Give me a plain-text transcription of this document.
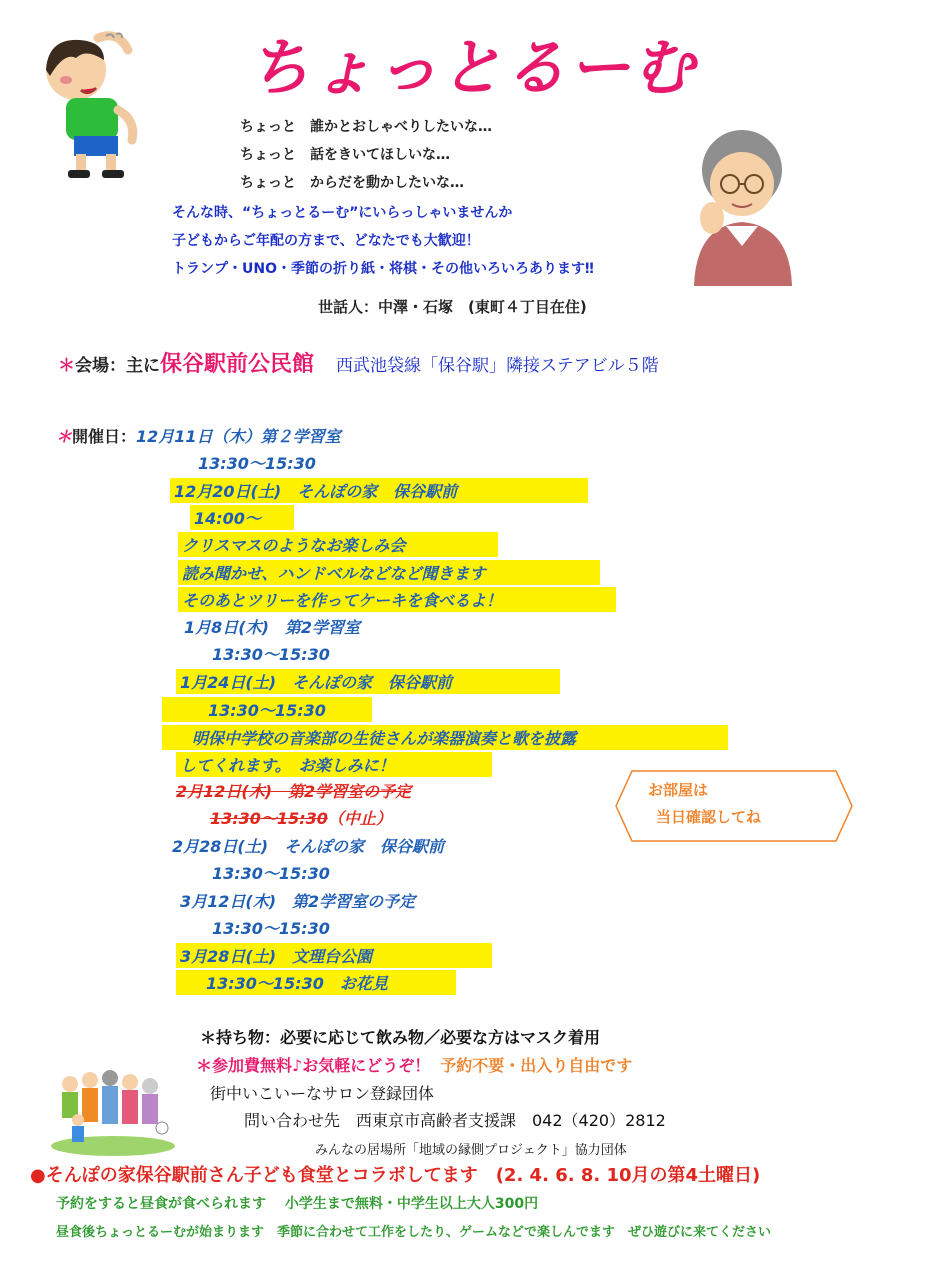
ちょっとるーむ
ちょっと　誰かとおしゃべりしたいな…
ちょっと　話をきいてほしいな…
ちょっと　からだを動かしたいな…
そんな時、“ちょっとるーむ”にいらっしゃいませんか
子どもからご年配の方まで、どなたでも大歓迎！
トランプ・UNO・季節の折り紙・将棋・その他いろいろあります‼
世話人：中澤・石塚　(東町４丁目在住)
＊会場：主に保谷駅前公民館 西武池袋線「保谷駅」隣接ステアビル５階
＊開催日：12月11日（木）第２学習室
13:30～15:30
12月20日(土)　そんぽの家　保谷駅前
14:00～
クリスマスのようなお楽しみ会
読み聞かせ、ハンドベルなどなど聞きます
そのあとツリーを作ってケーキを食べるよ！
1月8日(木)　第2学習室
13:30～15:30
1月24日(土)　そんぽの家　保谷駅前
13:30～15:30
明保中学校の音楽部の生徒さんが楽器演奏と歌を披露
してくれます。　お楽しみに！
2月12日(木)　第2学習室の予定
13:30～15:30（中止）
2月28日(土)　そんぽの家　保谷駅前
13:30～15:30
3月12日(木)　第2学習室の予定
13:30～15:30
3月28日(土)　文理台公園
13:30～15:30　お花見
お部屋は
当日確認してね
＊持ち物：必要に応じて飲み物／必要な方はマスク着用
＊参加費無料♪お気軽にどうぞ！ 予約不要・出入り自由です
街中いこいーなサロン登録団体
問い合わせ先　西東京市高齢者支援課　042（420）2812
みんなの居場所「地域の縁側プロジェクト」協力団体
●そんぽの家保谷駅前さん子ども食堂とコラボしてます　(2. 4. 6. 8. 10月の第4土曜日)
予約をすると昼食が食べられます　 小学生まで無料・中学生以上大人300円
昼食後ちょっとるーむが始まります　季節に合わせて工作をしたり、ゲームなどで楽しんでます　ぜひ遊びに来てください
